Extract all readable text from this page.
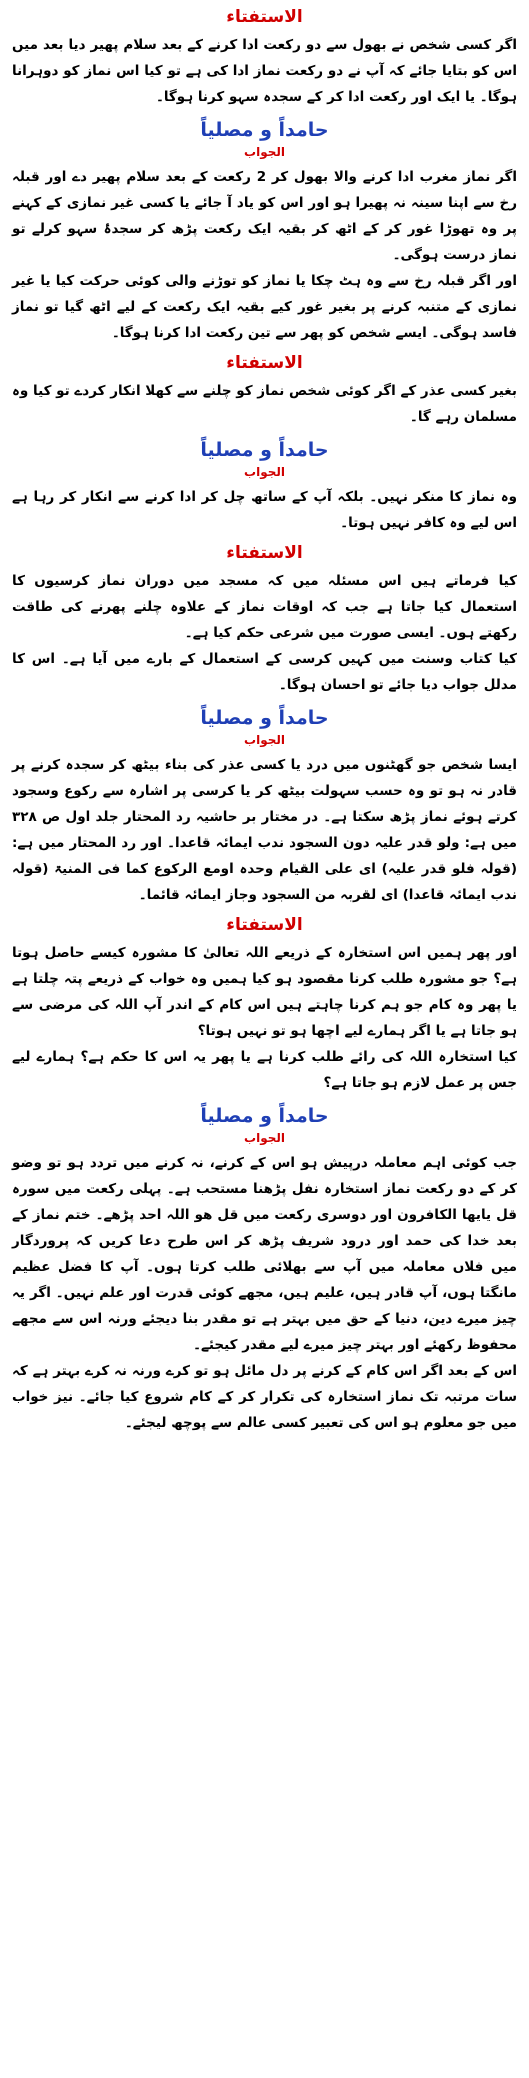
الاستفتاء

اگر کسی شخص نے بھول سے دو رکعت ادا کرنے کے بعد سلام پھیر دیا بعد میں اس کو بتایا جائے کہ آپ نے دو رکعت نماز ادا کی ہے تو کیا اس نماز کو دوہرانا ہوگا۔ یا ایک اور رکعت ادا کر کے سجدہ سہو کرنا ہوگا۔

حامداً و مصلیاً
الجواب

اگر نماز مغرب ادا کرنے والا بھول کر 2 رکعت کے بعد سلام پھیر دے اور قبلہ رخ سے اپنا سینہ نہ پھیرا ہو اور اس کو یاد آ جائے یا کسی غیر نمازی کے کہنے پر وہ تھوڑا غور کر کے اٹھ کر بقیہ ایک رکعت پڑھ کر سجدۂ سہو کرلے تو نماز درست ہوگی۔

اور اگر قبلہ رخ سے وہ ہٹ چکا یا نماز کو توڑنے والی کوئی حرکت کیا یا غیر نمازی کے متنبہ کرنے پر بغیر غور کیے بقیہ ایک رکعت کے لیے اٹھ گیا تو نماز فاسد ہوگی۔ ایسے شخص کو پھر سے تین رکعت ادا کرنا ہوگا۔

الاستفتاء

بغیر کسی عذر کے اگر کوئی شخص نماز کو چلنے سے کھلا انکار کردے تو کیا وہ مسلمان رہے گا۔

حامداً و مصلیاً
الجواب

وہ نماز کا منکر نہیں۔ بلکہ آپ کے ساتھ چل کر ادا کرنے سے انکار کر رہا ہے اس لیے وہ کافر نہیں ہوتا۔

الاستفتاء

کیا فرماتے ہیں اس مسئلہ میں کہ مسجد میں دوران نماز کرسیوں کا استعمال کیا جاتا ہے جب کہ اوقات نماز کے علاوہ چلنے پھرنے کی طاقت رکھتے ہوں۔ ایسی صورت میں شرعی حکم کیا ہے۔

کیا کتاب وسنت میں کہیں کرسی کے استعمال کے بارے میں آیا ہے۔ اس کا مدلل جواب دیا جائے تو احسان ہوگا۔

حامداً و مصلیاً
الجواب

ایسا شخص جو گھٹنوں میں درد یا کسی عذر کی بناء بیٹھ کر سجدہ کرنے پر قادر نہ ہو تو وہ حسب سہولت بیٹھ کر یا کرسی پر اشارہ سے رکوع وسجود کرتے ہوئے نماز پڑھ سکتا ہے۔ در مختار بر حاشیہ رد المحتار جلد اول ص ۳۲۸ میں ہے: ولو قدر علیہ دون السجود ندب ایمائہ قاعدا۔ اور رد المحتار میں ہے: (قولہ فلو قدر علیہ) ای علی القیام وحدہ اومع الرکوع کما فی المنیۃ (قولہ ندب ایمائہ قاعدا) ای لقربہ من السجود وجاز ایمائہ قائما۔

الاستفتاء

اور پھر ہمیں اس استخارہ کے ذریعے اللہ تعالیٰ کا مشورہ کیسے حاصل ہوتا ہے؟ جو مشورہ طلب کرنا مقصود ہو کیا ہمیں وہ خواب کے ذریعے پتہ چلتا ہے یا پھر وہ کام جو ہم کرنا چاہتے ہیں اس کام کے اندر آپ اللہ کی مرضی سے ہو جاتا ہے یا اگر ہمارے لیے اچھا ہو تو نہیں ہوتا؟

کیا استخارہ اللہ کی رائے طلب کرنا ہے یا پھر یہ اس کا حکم ہے؟ ہمارے لیے جس پر عمل لازم ہو جاتا ہے؟

حامداً و مصلیاً
الجواب

جب کوئی اہم معاملہ درپیش ہو اس کے کرنے، نہ کرنے میں تردد ہو تو وضو کر کے دو رکعت نماز استخارہ نفل پڑھنا مستحب ہے۔ پہلی رکعت میں سورہ قل یایھا الکافرون اور دوسری رکعت میں قل ھو اللہ احد پڑھے۔ ختم نماز کے بعد خدا کی حمد اور درود شریف پڑھ کر اس طرح دعا کریں کہ پروردگار میں فلاں معاملہ میں آپ سے بھلائی طلب کرتا ہوں۔ آپ کا فضل عظیم مانگتا ہوں، آپ قادر ہیں، علیم ہیں، مجھے کوئی قدرت اور علم نہیں۔ اگر یہ چیز میرے دین، دنیا کے حق میں بہتر ہے تو مقدر بنا دیجئے ورنہ اس سے مجھے محفوظ رکھئے اور بہتر چیز میرے لیے مقدر کیجئے۔

اس کے بعد اگر اس کام کے کرنے پر دل مائل ہو تو کرے ورنہ نہ کرے بہتر ہے کہ سات مرتبہ تک نماز استخارہ کی تکرار کر کے کام شروع کیا جائے۔ نیز خواب میں جو معلوم ہو اس کی تعبیر کسی عالم سے پوچھ لیجئے۔
